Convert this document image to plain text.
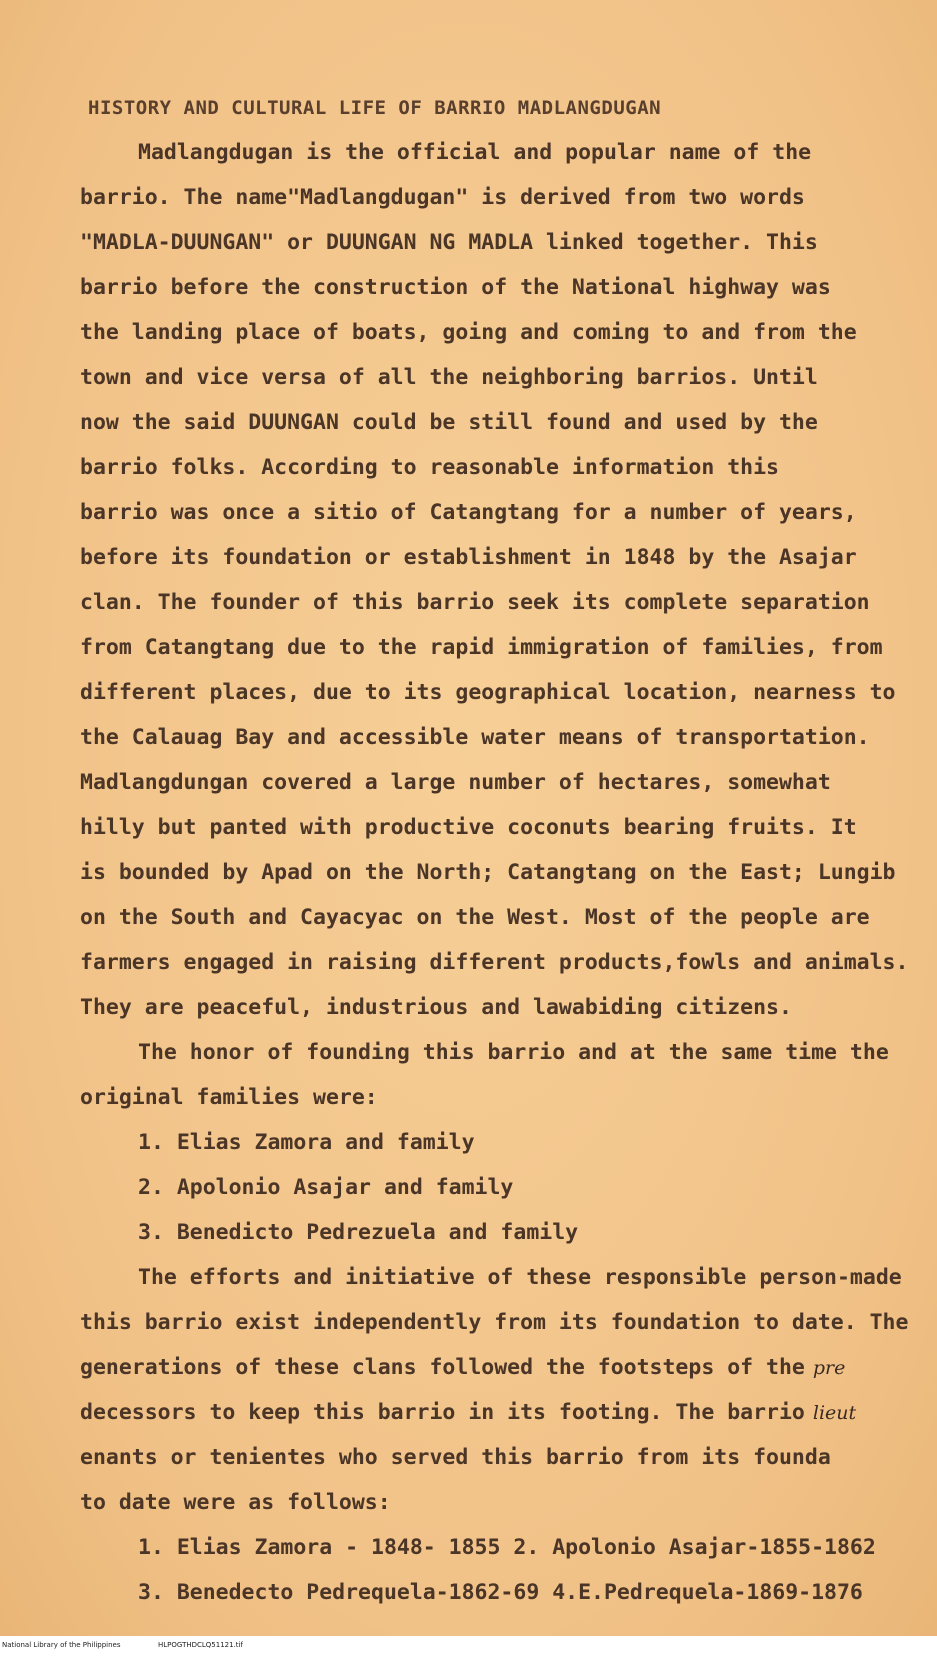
HISTORY AND CULTURAL LIFE OF BARRIO MADLANGDUGAN
Madlangdugan is the official and popular name of the
barrio. The name"Madlangdugan" is derived from two words
"MADLA-DUUNGAN" or DUUNGAN NG MADLA linked together. This
barrio before the construction of the National highway was
the landing place of boats, going and coming to and from the
town and vice versa of all the neighboring barrios. Until
now the said DUUNGAN could be still found and used by the
barrio folks. According to reasonable information this
barrio was once a sitio of Catangtang for a number of years,
before its foundation or establishment in 1848 by the Asajar
clan. The founder of this barrio seek its complete separation
from Catangtang due to the rapid immigration of families, from
different places, due to its geographical location, nearness to
the Calauag Bay and accessible water means of transportation.
Madlangdungan covered a large number of hectares, somewhat
hilly but panted with productive coconuts bearing fruits. It
is bounded by Apad on the North; Catangtang on the East; Lungib
on the South and Cayacyac on the West. Most of the people are
farmers engaged in raising different products,fowls and animals.
They are peaceful, industrious and lawabiding citizens.
The honor of founding this barrio and at the same time the
original families were:
1. Elias Zamora and family
2. Apolonio Asajar and family
3. Benedicto Pedrezuela and family
The efforts and initiative of these responsible person-made
this barrio exist independently from its foundation to date. The
generations of these clans followed the footsteps of the pre
decessors to keep this barrio in its footing. The barrio lieut
enants or tenientes who served this barrio from its founda
to date were as follows:
1. Elias Zamora - 1848- 1855 2. Apolonio Asajar-1855-1862
3. Benedecto Pedrequela-1862-69 4.E.Pedrequela-1869-1876
National Library of the Philippines	HLPOGTHDCLQ51121.tif
